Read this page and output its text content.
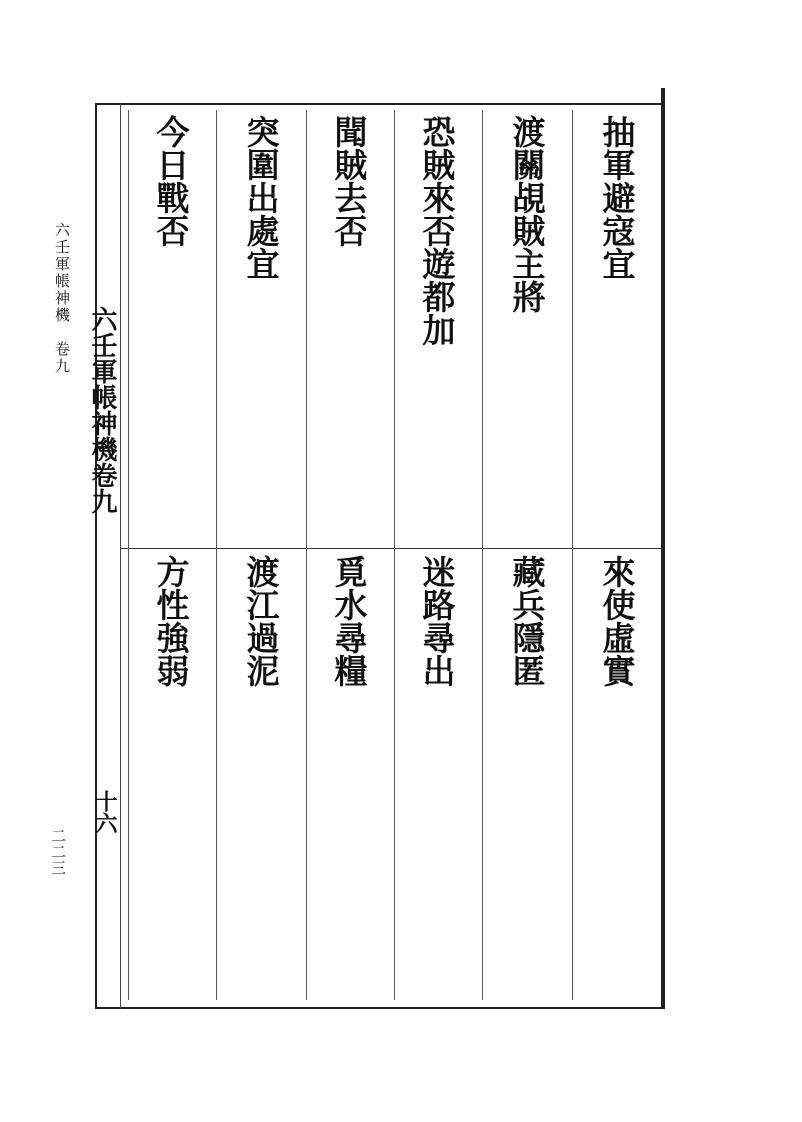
六壬軍帳神機　卷九
二二三
六壬軍帳神機卷九
十六
抽軍避寇宜
來使虛實
渡關覘賊主將
藏兵隱匿
恐賊來否遊都加
迷路尋出
聞賊去否
覓水尋糧
突圍出處宜
渡江過泥
今日戰否
方性強弱
